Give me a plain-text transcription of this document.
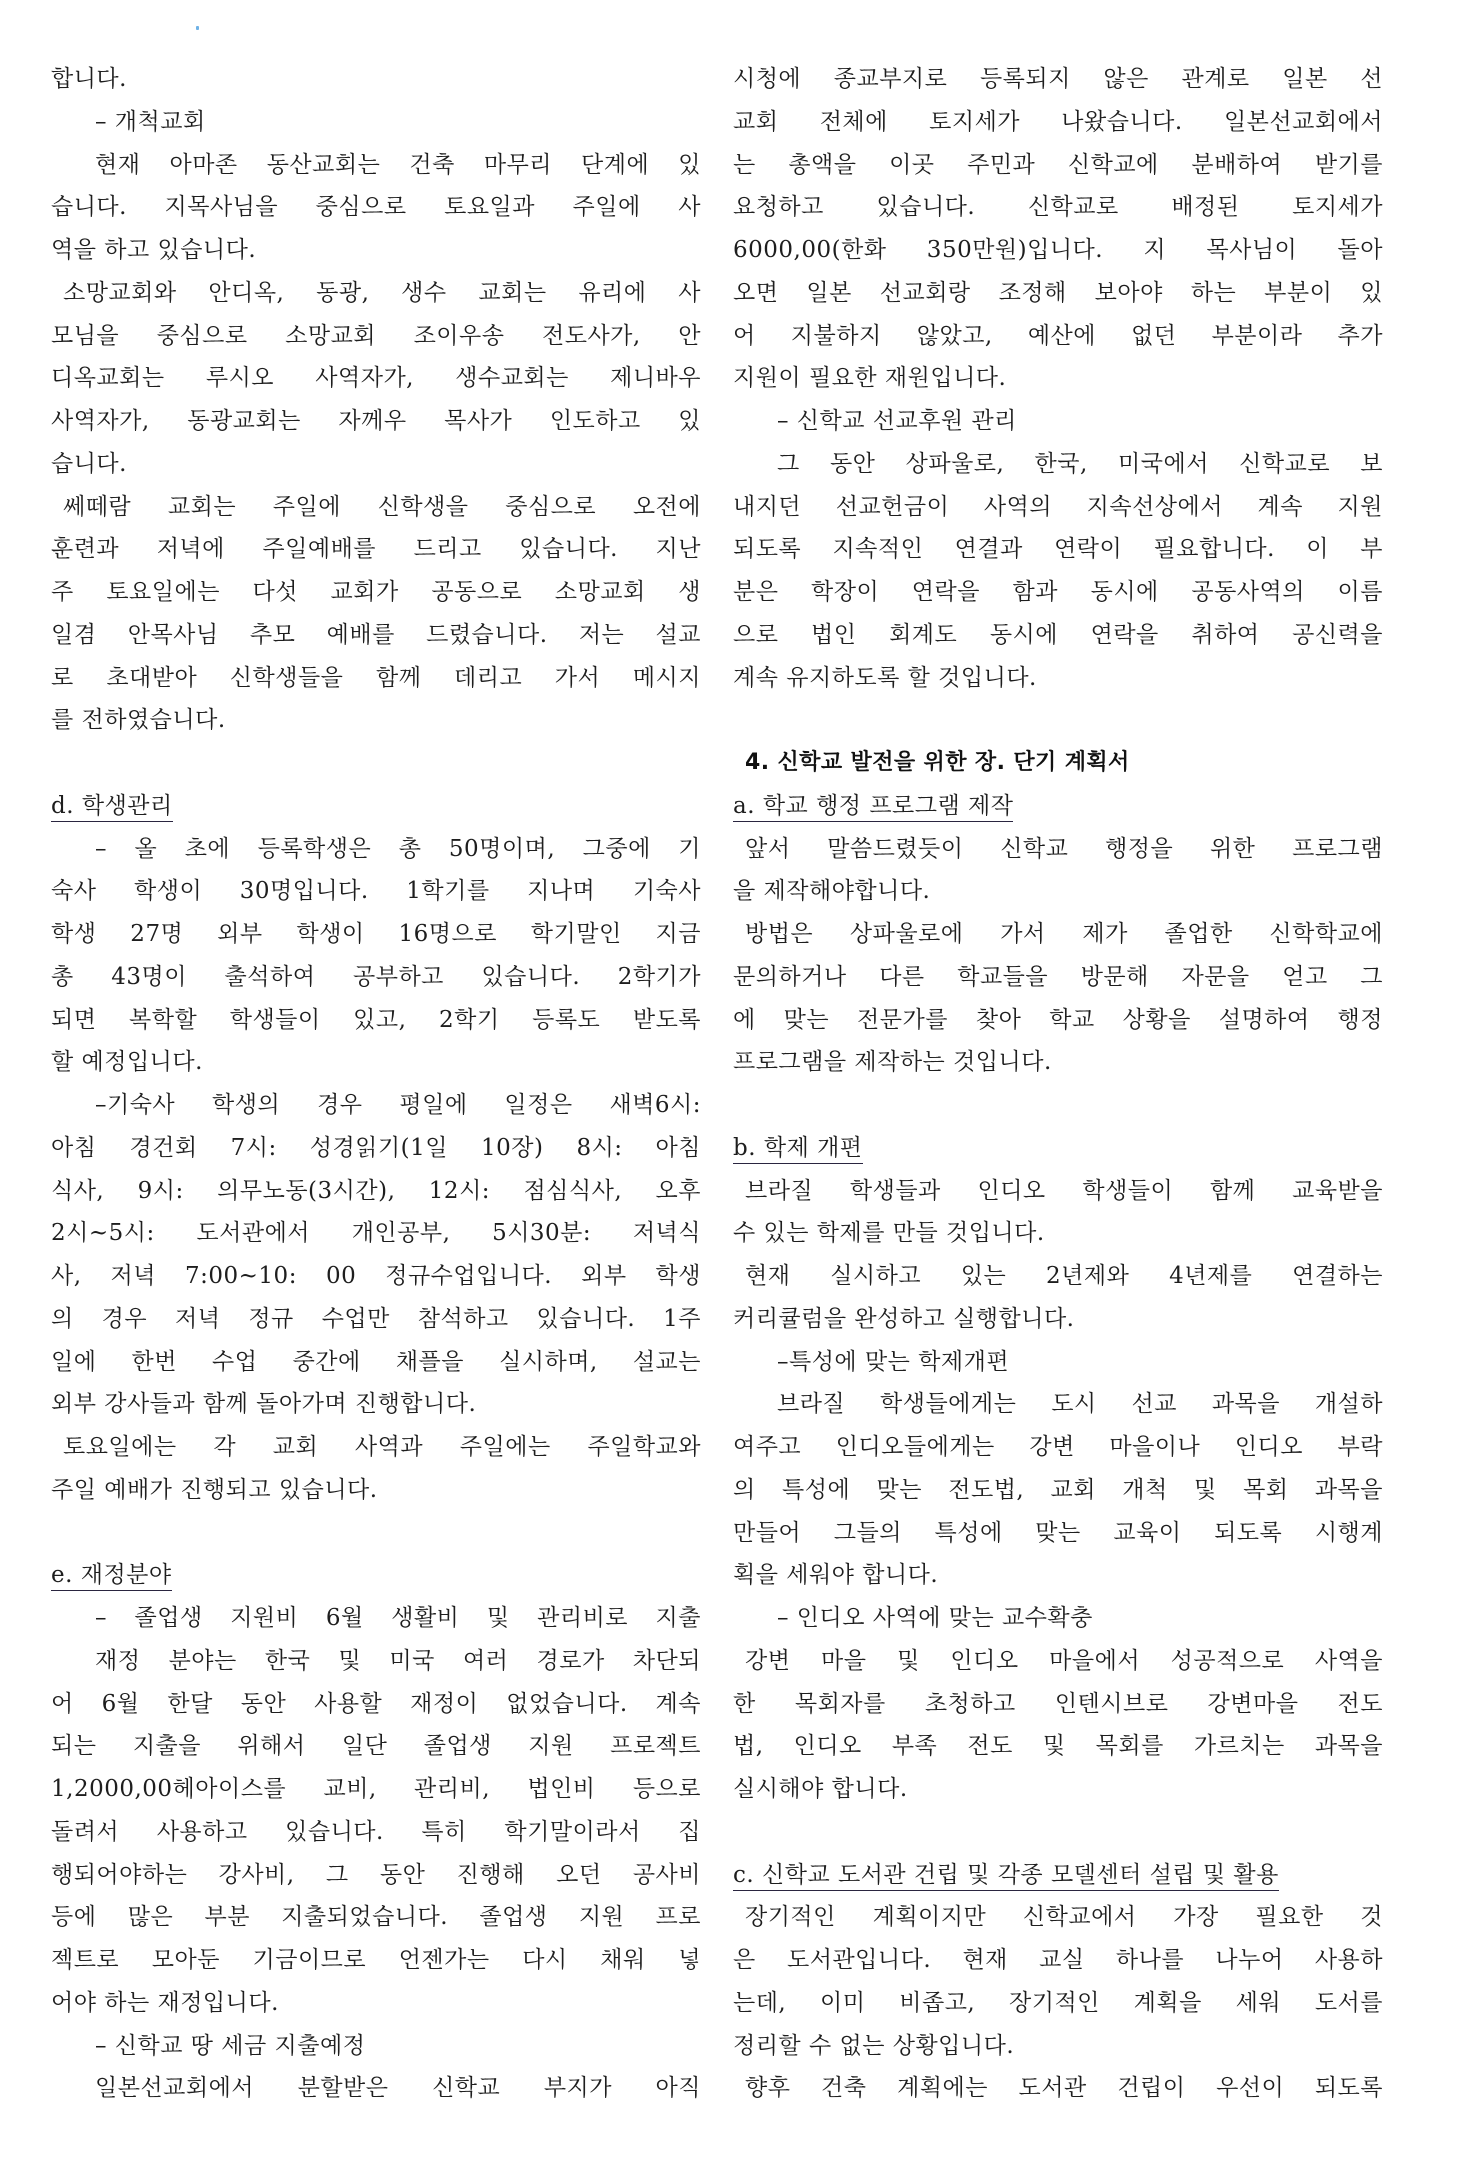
합니다.
– 개척교회
현재 아마존 동산교회는 건축 마무리 단계에 있
습니다. 지목사님을 중심으로 토요일과 주일에 사
역을 하고 있습니다.
소망교회와 안디옥, 동광, 생수 교회는 유리에 사
모님을 중심으로 소망교회 조이우송 전도사가, 안
디옥교회는 루시오 사역자가, 생수교회는 제니바우
사역자가, 동광교회는 자께우 목사가 인도하고 있
습니다.
쎄떼람 교회는 주일에 신학생을 중심으로 오전에
훈련과 저녁에 주일예배를 드리고 있습니다. 지난
주 토요일에는 다섯 교회가 공동으로 소망교회 생
일겸 안목사님 추모 예배를 드렸습니다. 저는 설교
로 초대받아 신학생들을 함께 데리고 가서 메시지
를 전하였습니다.
d. 학생관리
– 올 초에 등록학생은 총 50명이며, 그중에 기
숙사 학생이 30명입니다. 1학기를 지나며 기숙사
학생 27명 외부 학생이 16명으로 학기말인 지금
총 43명이 출석하여 공부하고 있습니다. 2학기가
되면 복학할 학생들이 있고, 2학기 등록도 받도록
할 예정입니다.
–기숙사 학생의 경우 평일에 일정은 새벽6시:
아침 경건회 7시: 성경읽기(1일 10장) 8시: 아침
식사, 9시: 의무노동(3시간), 12시: 점심식사, 오후
2시~5시: 도서관에서 개인공부, 5시30분: 저녁식
사, 저녁 7:00~10: 00 정규수업입니다. 외부 학생
의 경우 저녁 정규 수업만 참석하고 있습니다. 1주
일에 한번 수업 중간에 채플을 실시하며, 설교는
외부 강사들과 함께 돌아가며 진행합니다.
토요일에는 각 교회 사역과 주일에는 주일학교와
주일 예배가 진행되고 있습니다.
e. 재정분야
– 졸업생 지원비 6월 생활비 및 관리비로 지출
재정 분야는 한국 및 미국 여러 경로가 차단되
어 6월 한달 동안 사용할 재정이 없었습니다. 계속
되는 지출을 위해서 일단 졸업생 지원 프로젝트
1,2000,00헤아이스를 교비, 관리비, 법인비 등으로
돌려서 사용하고 있습니다. 특히 학기말이라서 집
행되어야하는 강사비, 그 동안 진행해 오던 공사비
등에 많은 부분 지출되었습니다. 졸업생 지원 프로
젝트로 모아둔 기금이므로 언젠가는 다시 채워 넣
어야 하는 재정입니다.
– 신학교 땅 세금 지출예정
일본선교회에서 분할받은 신학교 부지가 아직
시청에 종교부지로 등록되지 않은 관계로 일본 선
교회 전체에 토지세가 나왔습니다. 일본선교회에서
는 총액을 이곳 주민과 신학교에 분배하여 받기를
요청하고 있습니다. 신학교로 배정된 토지세가
6000,00(한화 350만원)입니다. 지 목사님이 돌아
오면 일본 선교회랑 조정해 보아야 하는 부분이 있
어 지불하지 않았고, 예산에 없던 부분이라 추가
지원이 필요한 재원입니다.
– 신학교 선교후원 관리
그 동안 상파울로, 한국, 미국에서 신학교로 보
내지던 선교헌금이 사역의 지속선상에서 계속 지원
되도록 지속적인 연결과 연락이 필요합니다. 이 부
분은 학장이 연락을 함과 동시에 공동사역의 이름
으로 법인 회계도 동시에 연락을 취하여 공신력을
계속 유지하도록 할 것입니다.
4. 신학교 발전을 위한 장. 단기 계획서
a. 학교 행정 프로그램 제작
앞서 말씀드렸듯이 신학교 행정을 위한 프로그램
을 제작해야합니다.
방법은 상파울로에 가서 제가 졸업한 신학학교에
문의하거나 다른 학교들을 방문해 자문을 얻고 그
에 맞는 전문가를 찾아 학교 상황을 설명하여 행정
프로그램을 제작하는 것입니다.
b. 학제 개편
브라질 학생들과 인디오 학생들이 함께 교육받을
수 있는 학제를 만들 것입니다.
현재 실시하고 있는 2년제와 4년제를 연결하는
커리큘럼을 완성하고 실행합니다.
–특성에 맞는 학제개편
브라질 학생들에게는 도시 선교 과목을 개설하
여주고 인디오들에게는 강변 마을이나 인디오 부락
의 특성에 맞는 전도법, 교회 개척 및 목회 과목을
만들어 그들의 특성에 맞는 교육이 되도록 시행계
획을 세워야 합니다.
– 인디오 사역에 맞는 교수확충
강변 마을 및 인디오 마을에서 성공적으로 사역을
한 목회자를 초청하고 인텐시브로 강변마을 전도
법, 인디오 부족 전도 및 목회를 가르치는 과목을
실시해야 합니다.
c. 신학교 도서관 건립 및 각종 모델센터 설립 및 활용
장기적인 계획이지만 신학교에서 가장 필요한 것
은 도서관입니다. 현재 교실 하나를 나누어 사용하
는데, 이미 비좁고, 장기적인 계획을 세워 도서를
정리할 수 없는 상황입니다.
향후 건축 계획에는 도서관 건립이 우선이 되도록
